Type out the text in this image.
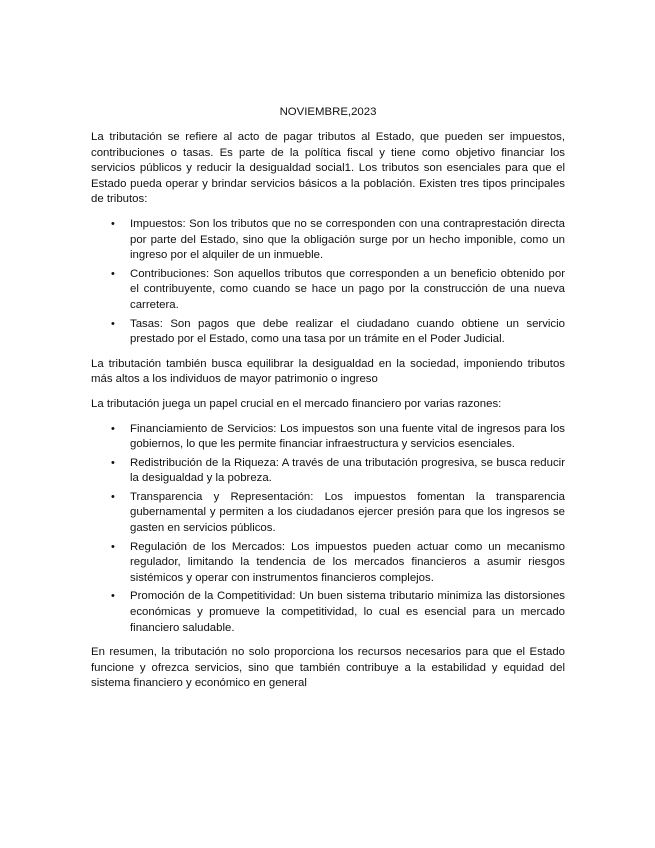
NOVIEMBRE,2023

La tributación se refiere al acto de pagar tributos al Estado, que pueden ser impuestos, contribuciones o tasas. Es parte de la política fiscal y tiene como objetivo financiar los servicios públicos y reducir la desigualdad social1. Los tributos son esenciales para que el Estado pueda operar y brindar servicios básicos a la población. Existen tres tipos principales de tributos:

• Impuestos: Son los tributos que no se corresponden con una contraprestación directa por parte del Estado, sino que la obligación surge por un hecho imponible, como un ingreso por el alquiler de un inmueble.
• Contribuciones: Son aquellos tributos que corresponden a un beneficio obtenido por el contribuyente, como cuando se hace un pago por la construcción de una nueva carretera.
• Tasas: Son pagos que debe realizar el ciudadano cuando obtiene un servicio prestado por el Estado, como una tasa por un trámite en el Poder Judicial.

La tributación también busca equilibrar la desigualdad en la sociedad, imponiendo tributos más altos a los individuos de mayor patrimonio o ingreso

La tributación juega un papel crucial en el mercado financiero por varias razones:

• Financiamiento de Servicios: Los impuestos son una fuente vital de ingresos para los gobiernos, lo que les permite financiar infraestructura y servicios esenciales.
• Redistribución de la Riqueza: A través de una tributación progresiva, se busca reducir la desigualdad y la pobreza.
• Transparencia y Representación: Los impuestos fomentan la transparencia gubernamental y permiten a los ciudadanos ejercer presión para que los ingresos se gasten en servicios públicos.
• Regulación de los Mercados: Los impuestos pueden actuar como un mecanismo regulador, limitando la tendencia de los mercados financieros a asumir riesgos sistémicos y operar con instrumentos financieros complejos.
• Promoción de la Competitividad: Un buen sistema tributario minimiza las distorsiones económicas y promueve la competitividad, lo cual es esencial para un mercado financiero saludable.

En resumen, la tributación no solo proporciona los recursos necesarios para que el Estado funcione y ofrezca servicios, sino que también contribuye a la estabilidad y equidad del sistema financiero y económico en general
